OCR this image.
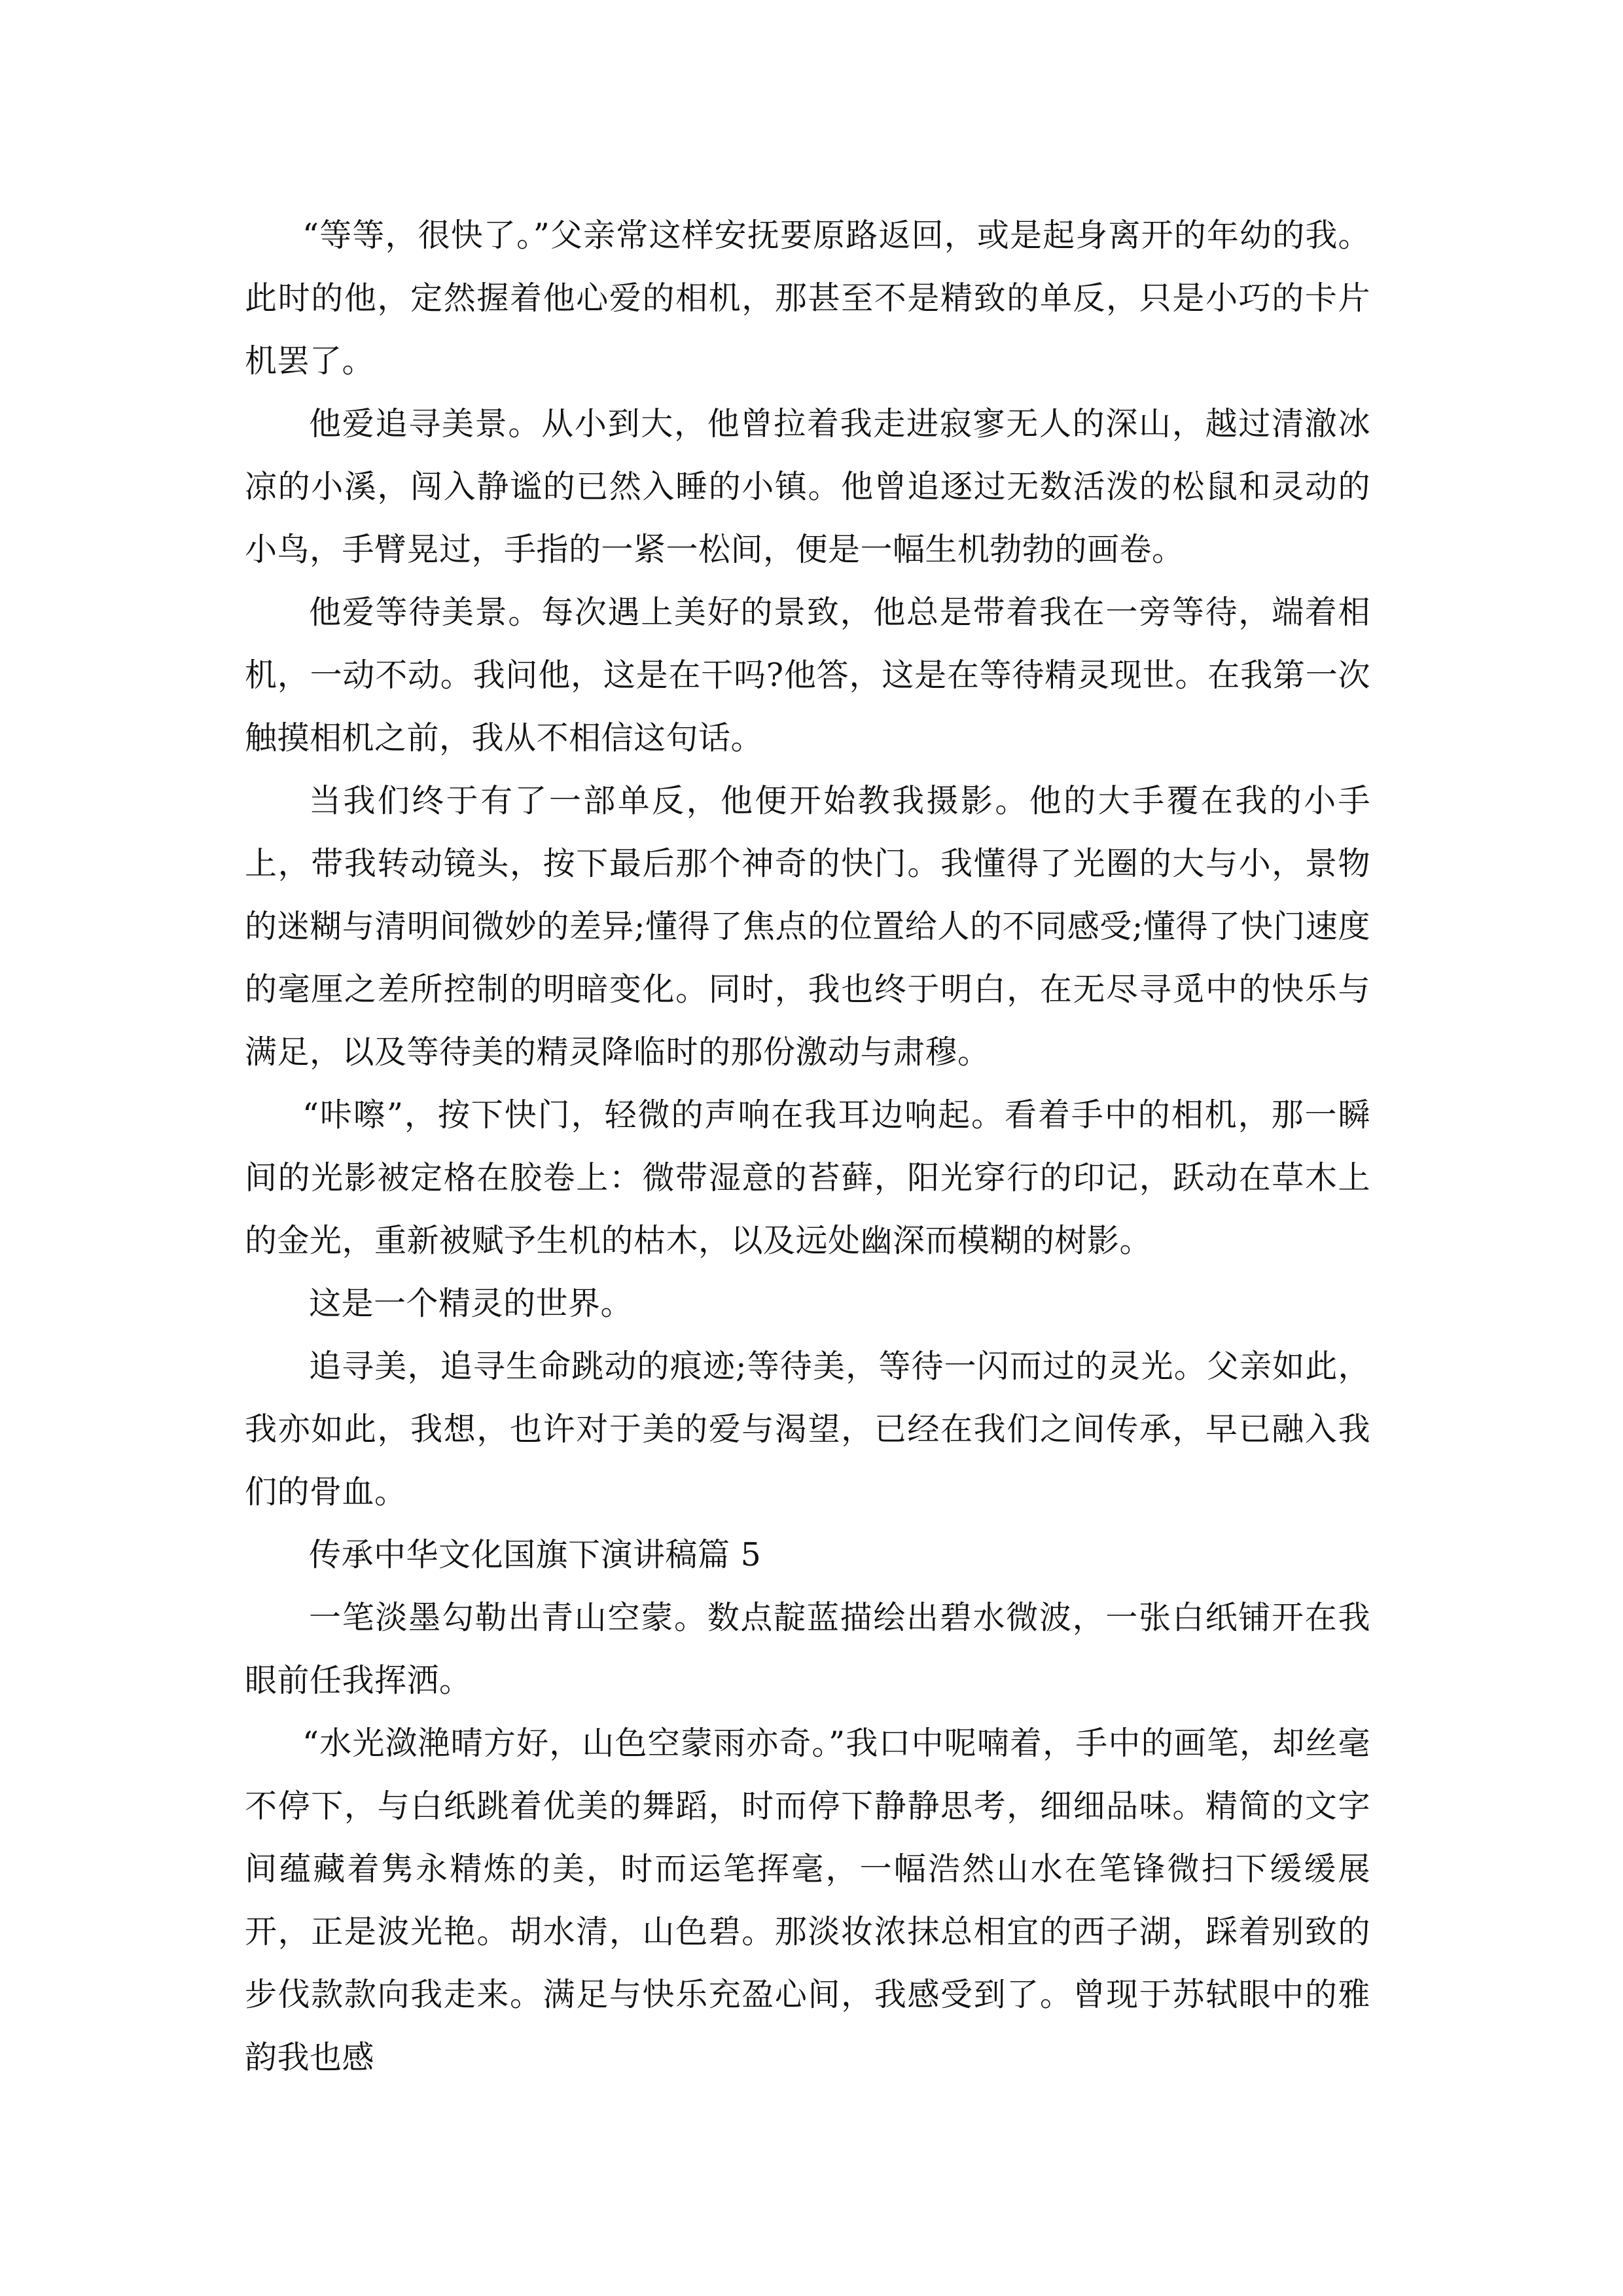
“等等，很快了。”父亲常这样安抚要原路返回，或是起身离开的年幼的我。此时的他，定然握着他心爱的相机，那甚至不是精致的单反，只是小巧的卡片机罢了。

他爱追寻美景。从小到大，他曾拉着我走进寂寥无人的深山，越过清澈冰凉的小溪，闯入静谧的已然入睡的小镇。他曾追逐过无数活泼的松鼠和灵动的小鸟，手臂晃过，手指的一紧一松间，便是一幅生机勃勃的画卷。

他爱等待美景。每次遇上美好的景致，他总是带着我在一旁等待，端着相机，一动不动。我问他，这是在干吗?他答，这是在等待精灵现世。在我第一次触摸相机之前，我从不相信这句话。

当我们终于有了一部单反，他便开始教我摄影。他的大手覆在我的小手上，带我转动镜头，按下最后那个神奇的快门。我懂得了光圈的大与小，景物的迷糊与清明间微妙的差异;懂得了焦点的位置给人的不同感受;懂得了快门速度的毫厘之差所控制的明暗变化。同时，我也终于明白，在无尽寻觅中的快乐与满足，以及等待美的精灵降临时的那份激动与肃穆。

“咔嚓”，按下快门，轻微的声响在我耳边响起。看着手中的相机，那一瞬间的光影被定格在胶卷上：微带湿意的苔藓，阳光穿行的印记，跃动在草木上的金光，重新被赋予生机的枯木，以及远处幽深而模糊的树影。

这是一个精灵的世界。

追寻美，追寻生命跳动的痕迹;等待美，等待一闪而过的灵光。父亲如此，我亦如此，我想，也许对于美的爱与渴望，已经在我们之间传承，早已融入我们的骨血。

传承中华文化国旗下演讲稿篇 5

一笔淡墨勾勒出青山空蒙。数点靛蓝描绘出碧水微波，一张白纸铺开在我眼前任我挥洒。

“水光潋滟晴方好，山色空蒙雨亦奇。”我口中呢喃着，手中的画笔，却丝毫不停下，与白纸跳着优美的舞蹈，时而停下静静思考，细细品味。精简的文字间蕴藏着隽永精炼的美，时而运笔挥毫，一幅浩然山水在笔锋微扫下缓缓展开，正是波光艳。胡水清，山色碧。那淡妆浓抹总相宜的西子湖，踩着别致的步伐款款向我走来。满足与快乐充盈心间，我感受到了。曾现于苏轼眼中的雅韵我也感
